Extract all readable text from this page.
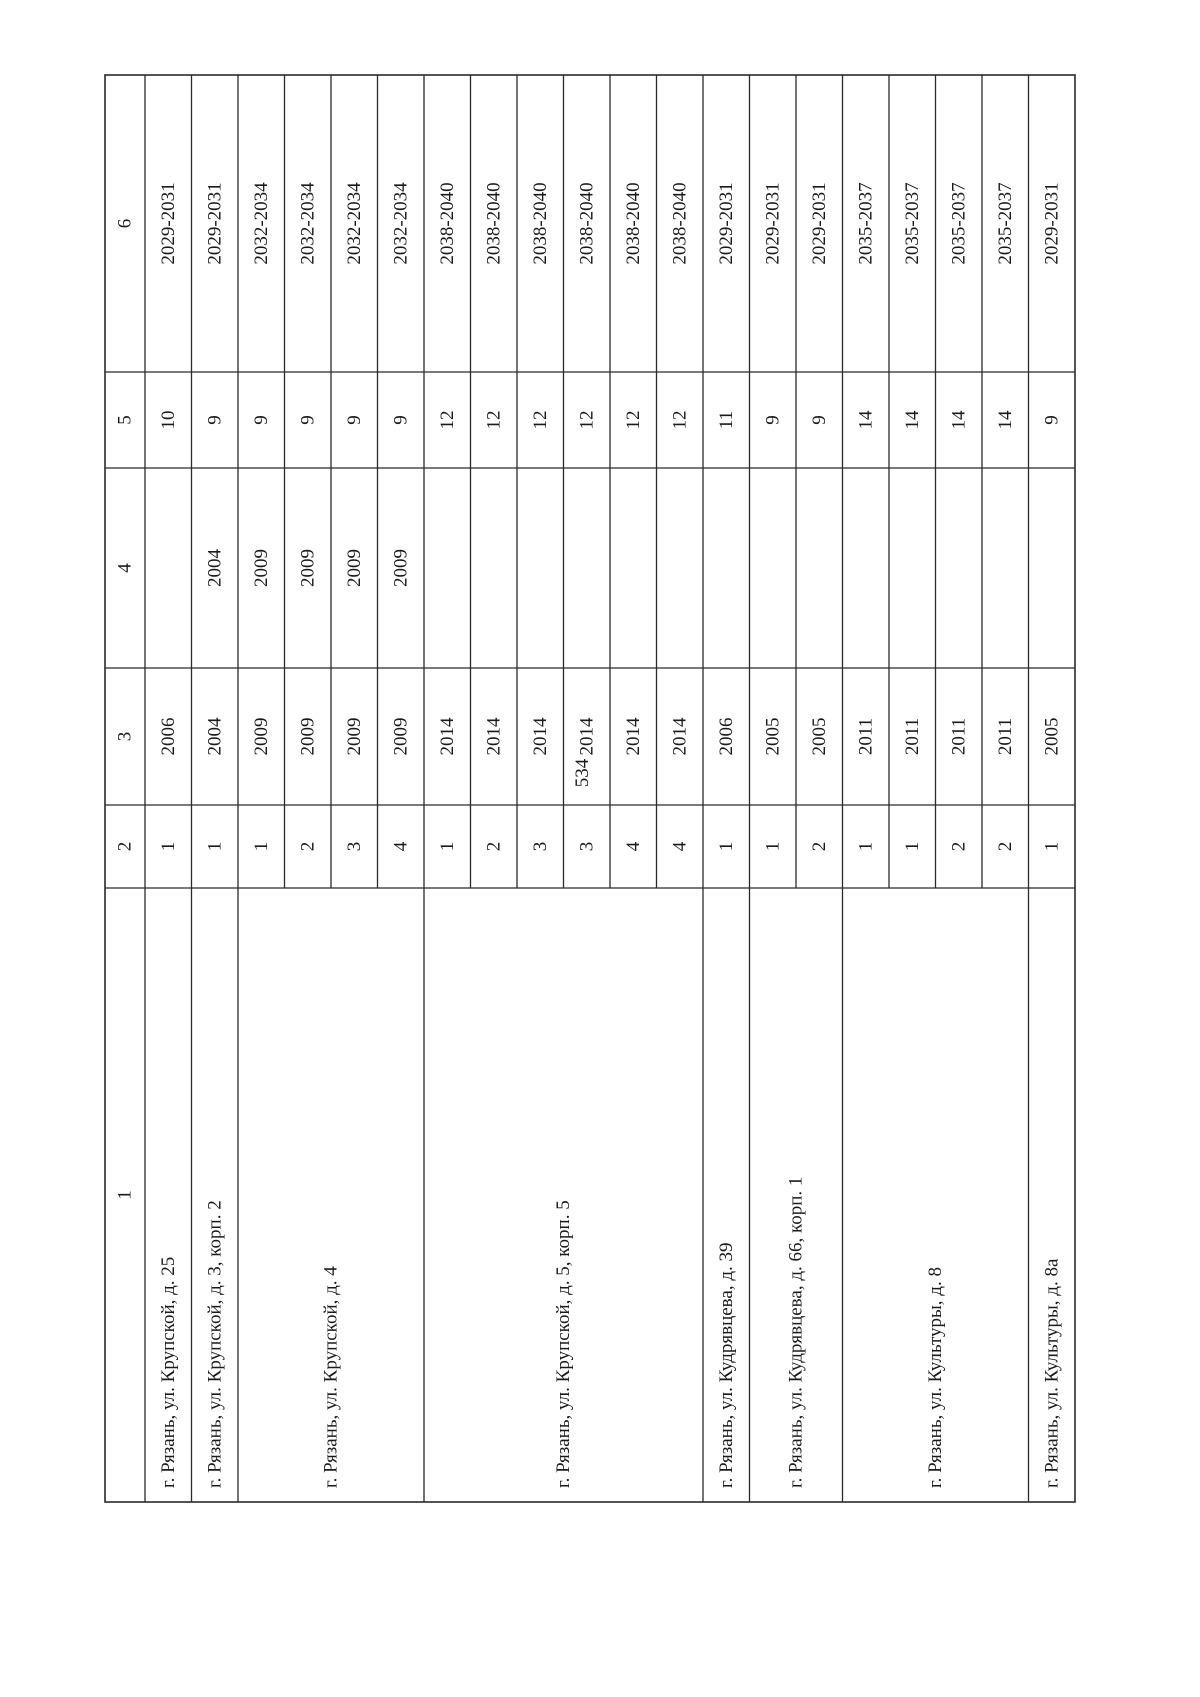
534
1
2
3
4
5
6
1
2006
10
2029-2031
г. Рязань, ул. Крупской, д. 25
1
2004
2004
9
2029-2031
г. Рязань, ул. Крупской, д. 3, корп. 2
1
2009
2009
9
2032-2034
2
2009
2009
9
2032-2034
3
2009
2009
9
2032-2034
4
2009
2009
9
2032-2034
г. Рязань, ул. Крупской, д. 4
1
2014
12
2038-2040
2
2014
12
2038-2040
3
2014
12
2038-2040
3
2014
12
2038-2040
4
2014
12
2038-2040
4
2014
12
2038-2040
г. Рязань, ул. Крупской, д. 5, корп. 5
1
2006
11
2029-2031
г. Рязань, ул. Кудрявцева, д. 39
1
2005
9
2029-2031
2
2005
9
2029-2031
г. Рязань, ул. Кудрявцева, д. 66, корп. 1
1
2011
14
2035-2037
1
2011
14
2035-2037
2
2011
14
2035-2037
2
2011
14
2035-2037
г. Рязань, ул. Культуры, д. 8
1
2005
9
2029-2031
г. Рязань, ул. Культуры, д. 8а
